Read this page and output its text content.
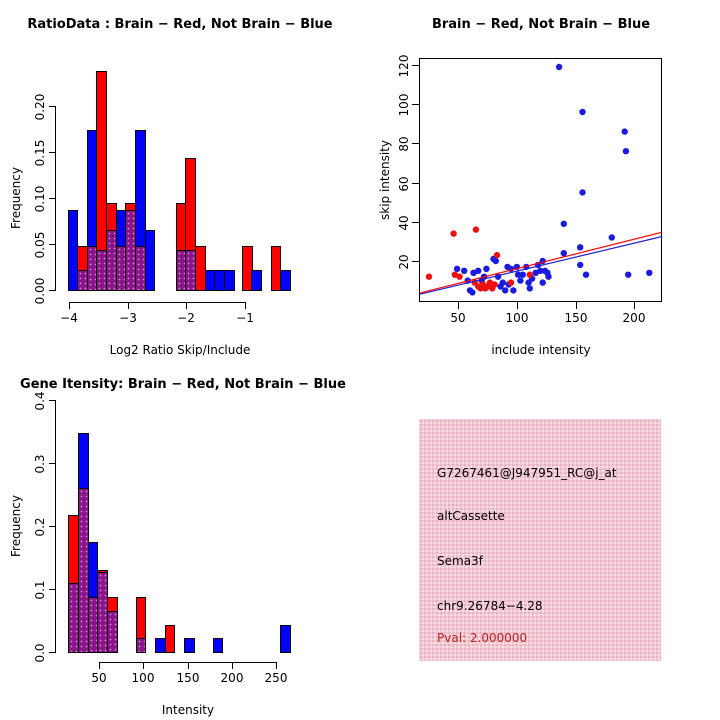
RatioData : Brain − Red, Not Brain − Blue
Frequency
Log2 Ratio Skip/Include
−4	−3	−2	−1
0.00
0.05
0.10
0.15
0.20
Brain − Red, Not Brain − Blue
skip intensity
include intensity
50	100	150	200
20
40
60
80
100
120
Gene Itensity: Brain − Red, Not Brain − Blue
Frequency
Intensity
50	100	150	200	250
0.0
0.1
0.2
0.3
0.4
G7267461@J947951_RC@j_at
altCassette
Sema3f
chr9.26784−4.28
Pval: 2.000000
